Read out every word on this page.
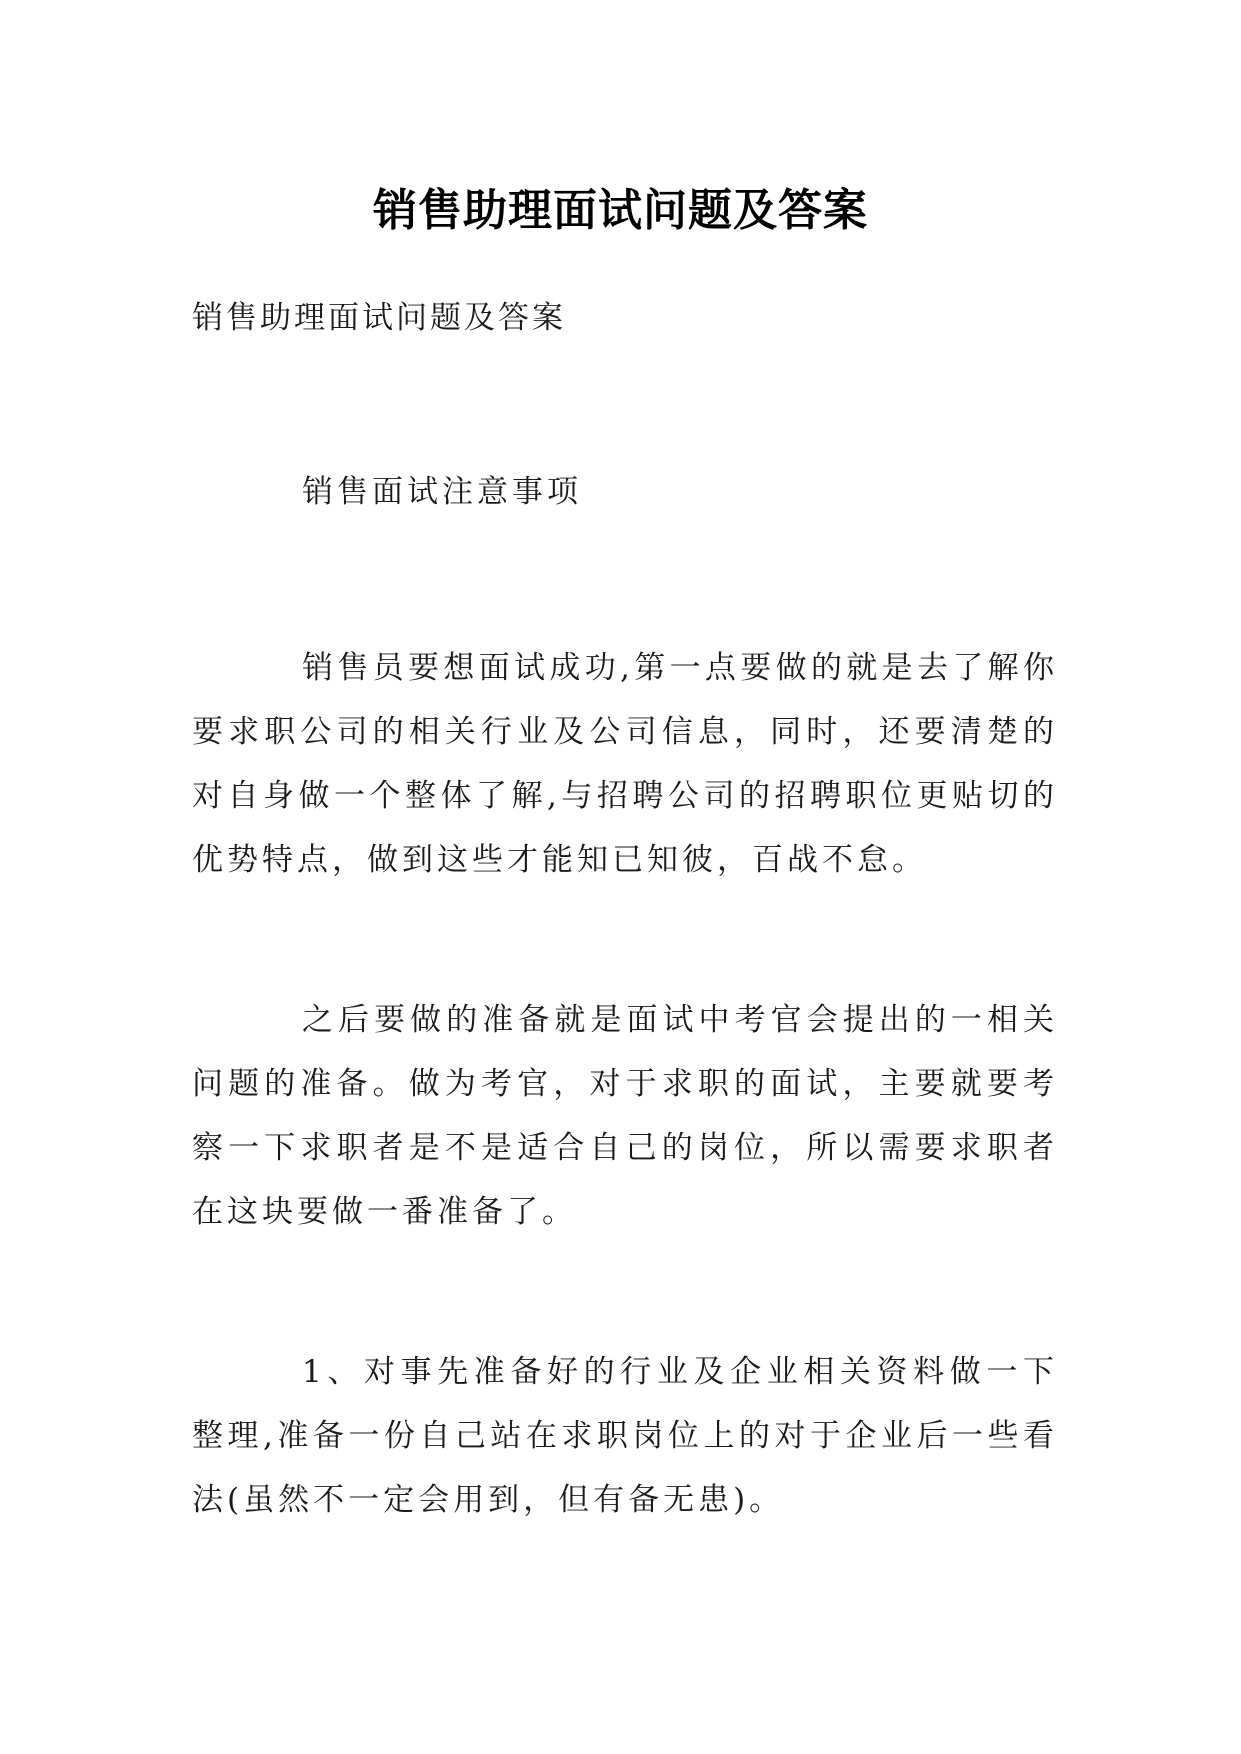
销售助理面试问题及答案

销售助理面试问题及答案

销售面试注意事项

销售员要想面试成功,第一点要做的就是去了解你要求职公司的相关行业及公司信息，同时，还要清楚的对自身做一个整体了解,与招聘公司的招聘职位更贴切的优势特点，做到这些才能知已知彼，百战不怠。

之后要做的准备就是面试中考官会提出的一相关问题的准备。做为考官，对于求职的面试，主要就要考察一下求职者是不是适合自己的岗位，所以需要求职者在这块要做一番准备了。

1、对事先准备好的行业及企业相关资料做一下整理,准备一份自己站在求职岗位上的对于企业后一些看法(虽然不一定会用到，但有备无患)。
